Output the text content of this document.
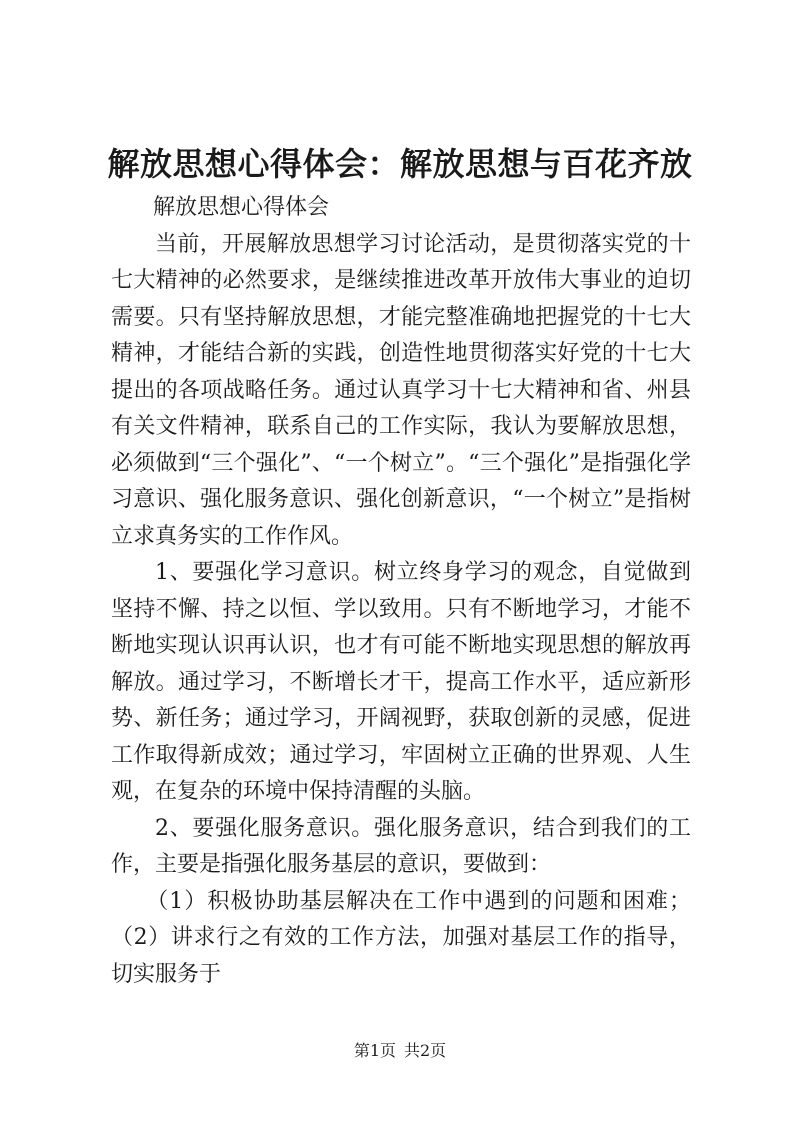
解放思想心得体会：解放思想与百花齐放

解放思想心得体会

当前，开展解放思想学习讨论活动，是贯彻落实党的十七大精神的必然要求，是继续推进改革开放伟大事业的迫切需要。只有坚持解放思想，才能完整准确地把握党的十七大精神，才能结合新的实践，创造性地贯彻落实好党的十七大提出的各项战略任务。通过认真学习十七大精神和省、州县有关文件精神，联系自己的工作实际，我认为要解放思想，必须做到“三个强化”、“一个树立”。“三个强化”是指强化学习意识、强化服务意识、强化创新意识，“一个树立”是指树立求真务实的工作作风。

1、要强化学习意识。树立终身学习的观念，自觉做到坚持不懈、持之以恒、学以致用。只有不断地学习，才能不断地实现认识再认识，也才有可能不断地实现思想的解放再解放。通过学习，不断增长才干，提高工作水平，适应新形势、新任务；通过学习，开阔视野，获取创新的灵感，促进工作取得新成效；通过学习，牢固树立正确的世界观、人生观，在复杂的环境中保持清醒的头脑。

2、要强化服务意识。强化服务意识，结合到我们的工作，主要是指强化服务基层的意识，要做到：

（1）积极协助基层解决在工作中遇到的问题和困难；（2）讲求行之有效的工作方法，加强对基层工作的指导，切实服务于

第1页 共2页
